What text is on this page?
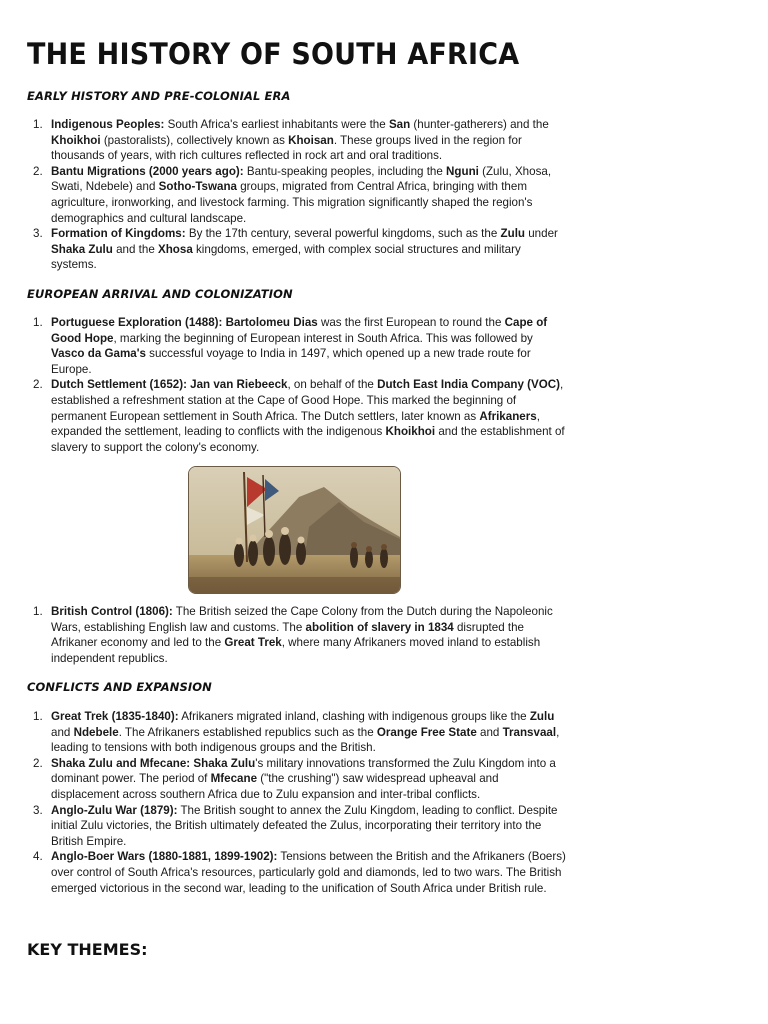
THE HISTORY OF SOUTH AFRICA
EARLY HISTORY AND PRE-COLONIAL ERA
1. Indigenous Peoples: South Africa's earliest inhabitants were the San (hunter-gatherers) and the Khoikhoi (pastoralists), collectively known as Khoisan. These groups lived in the region for thousands of years, with rich cultures reflected in rock art and oral traditions.
2. Bantu Migrations (2000 years ago): Bantu-speaking peoples, including the Nguni (Zulu, Xhosa, Swati, Ndebele) and Sotho-Tswana groups, migrated from Central Africa, bringing with them agriculture, ironworking, and livestock farming. This migration significantly shaped the region's demographics and cultural landscape.
3. Formation of Kingdoms: By the 17th century, several powerful kingdoms, such as the Zulu under Shaka Zulu and the Xhosa kingdoms, emerged, with complex social structures and military systems.
EUROPEAN ARRIVAL AND COLONIZATION
1. Portuguese Exploration (1488): Bartolomeu Dias was the first European to round the Cape of Good Hope, marking the beginning of European interest in South Africa. This was followed by Vasco da Gama's successful voyage to India in 1497, which opened up a new trade route for Europe.
2. Dutch Settlement (1652): Jan van Riebeeck, on behalf of the Dutch East India Company (VOC), established a refreshment station at the Cape of Good Hope. This marked the beginning of permanent European settlement in South Africa. The Dutch settlers, later known as Afrikaners, expanded the settlement, leading to conflicts with the indigenous Khoikhoi and the establishment of slavery to support the colony's economy.
1. British Control (1806): The British seized the Cape Colony from the Dutch during the Napoleonic Wars, establishing English law and customs. The abolition of slavery in 1834 disrupted the Afrikaner economy and led to the Great Trek, where many Afrikaners moved inland to establish independent republics.
CONFLICTS AND EXPANSION
1. Great Trek (1835-1840): Afrikaners migrated inland, clashing with indigenous groups like the Zulu and Ndebele. The Afrikaners established republics such as the Orange Free State and Transvaal, leading to tensions with both indigenous groups and the British.
2. Shaka Zulu and Mfecane: Shaka Zulu's military innovations transformed the Zulu Kingdom into a dominant power. The period of Mfecane ("the crushing") saw widespread upheaval and displacement across southern Africa due to Zulu expansion and inter-tribal conflicts.
3. Anglo-Zulu War (1879): The British sought to annex the Zulu Kingdom, leading to conflict. Despite initial Zulu victories, the British ultimately defeated the Zulus, incorporating their territory into the British Empire.
4. Anglo-Boer Wars (1880-1881, 1899-1902): Tensions between the British and the Afrikaners (Boers) over control of South Africa's resources, particularly gold and diamonds, led to two wars. The British emerged victorious in the second war, leading to the unification of South Africa under British rule.
KEY THEMES:
